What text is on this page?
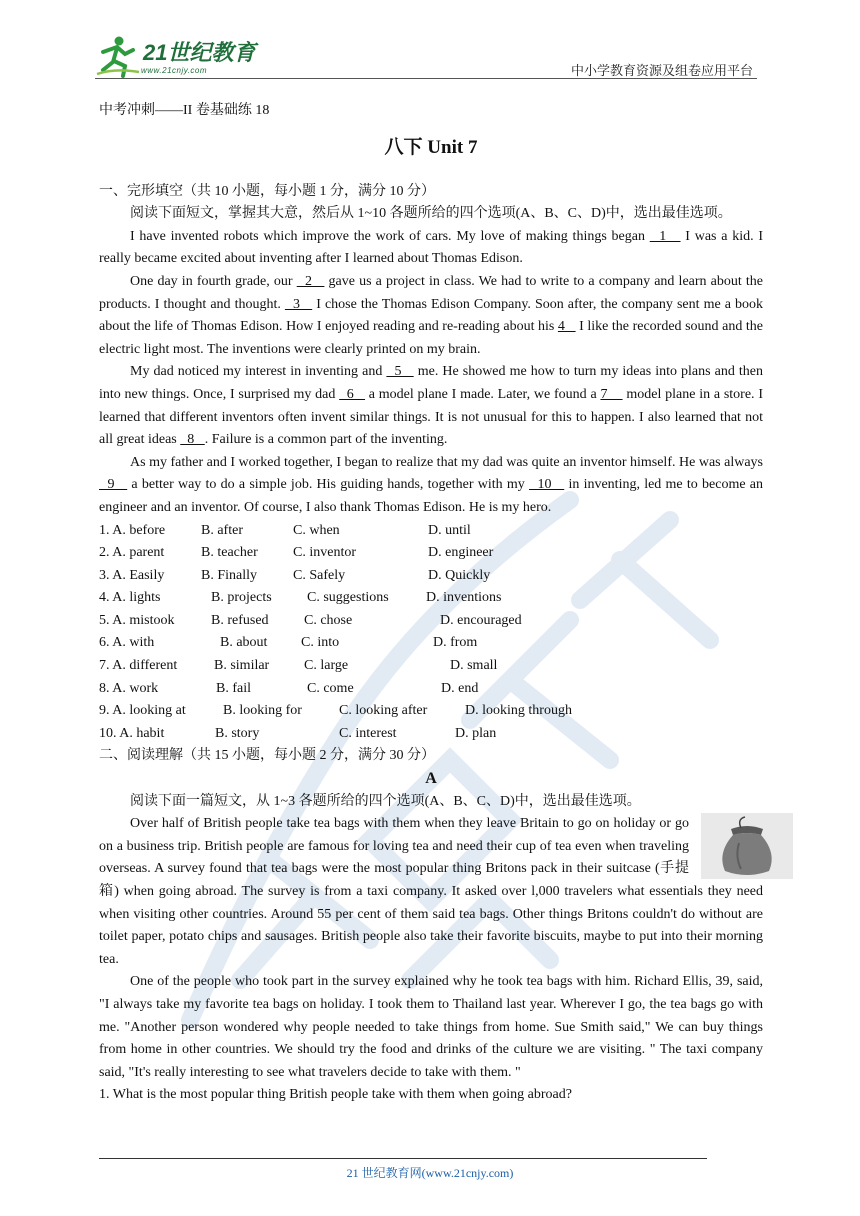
21世纪教育
www.21cnjy.com	中小学教育资源及组卷应用平台
中考冲刺——II 卷基础练 18
八下 Unit 7
一、完形填空（共 10 小题，每小题 1 分，满分 10 分）

阅读下面短文，掌握其大意，然后从 1~10 各题所给的四个选项(A、B、C、D)中，选出最佳选项。

I have invented robots which improve the work of cars. My love of making things began   1    I was a kid. I really became excited about inventing after I learned about Thomas Edison.

One day in fourth grade, our   2    gave us a project in class. We had to write to a company and learn about the products. I thought and thought.   3    I chose the Thomas Edison Company. Soon after, the company sent me a book about the life of Thomas Edison. How I enjoyed reading and re-reading about his 4    I like the recorded sound and the electric light most. The inventions were clearly printed on my brain.

My dad noticed my interest in inventing and   5    me. He showed me how to turn my ideas into plans and then into new things. Once, I surprised my dad   6    a model plane I made. Later, we found a 7     model plane in a store. I learned that different inventors often invent similar things. It is not unusual for this to happen. I also learned that not all great ideas   8   . Failure is a common part of the inventing.

As my father and I worked together, I began to realize that my dad was quite an inventor himself. He was always   9    a better way to do a simple job. His guiding hands, together with my   10    in inventing, led me to become an engineer and an inventor. Of course, I also thank Thomas Edison. He is my hero.

1. A. before	B. after	C. when	D. until
2. A. parent	B. teacher	C. inventor	D. engineer
3. A. Easily	B. Finally	C. Safely	D. Quickly
4. A. lights	B. projects	C. suggestions	D. inventions
5. A. mistook	B. refused	C. chose	D. encouraged
6. A. with	B. about	C. into	D. from
7. A. different	B. similar	C. large	D. small
8. A. work	B. fail	C. come	D. end
9. A. looking at	B. looking for	C. looking after	D. looking through
10. A. habit	B. story	C. interest	D. plan
二、阅读理解（共 15 小题，每小题 2 分，满分 30 分）
A

阅读下面一篇短文，从 1~3 各题所给的四个选项(A、B、C、D)中，选出最佳选项。

Over half of British people take tea bags with them when they leave Britain to go on holiday or go on a business trip. British people are famous for loving tea and need their cup of tea even when traveling overseas. A survey found that tea bags were the most popular thing Britons pack in their suitcase (手提箱) when going abroad. The survey is from a taxi company. It asked over l,000 travelers what essentials they need when visiting other countries. Around 55 per cent of them said tea bags. Other things Britons couldn't do without are toilet paper, potato chips and sausages. British people also take their favorite biscuits, maybe to put into their morning tea.

One of the people who took part in the survey explained why he took tea bags with him. Richard Ellis, 39, said, "I always take my favorite tea bags on holiday. I took them to Thailand last year. Wherever I go, the tea bags go with me. "Another person wondered why people needed to take things from home. Sue Smith said," We can buy things from home in other countries. We should try the food and drinks of the culture we are visiting. " The taxi company said, "It's really interesting to see what travelers decide to take with them. "

1. What is the most popular thing British people take with them when going abroad?

21 世纪教育网(www.21cnjy.com)
